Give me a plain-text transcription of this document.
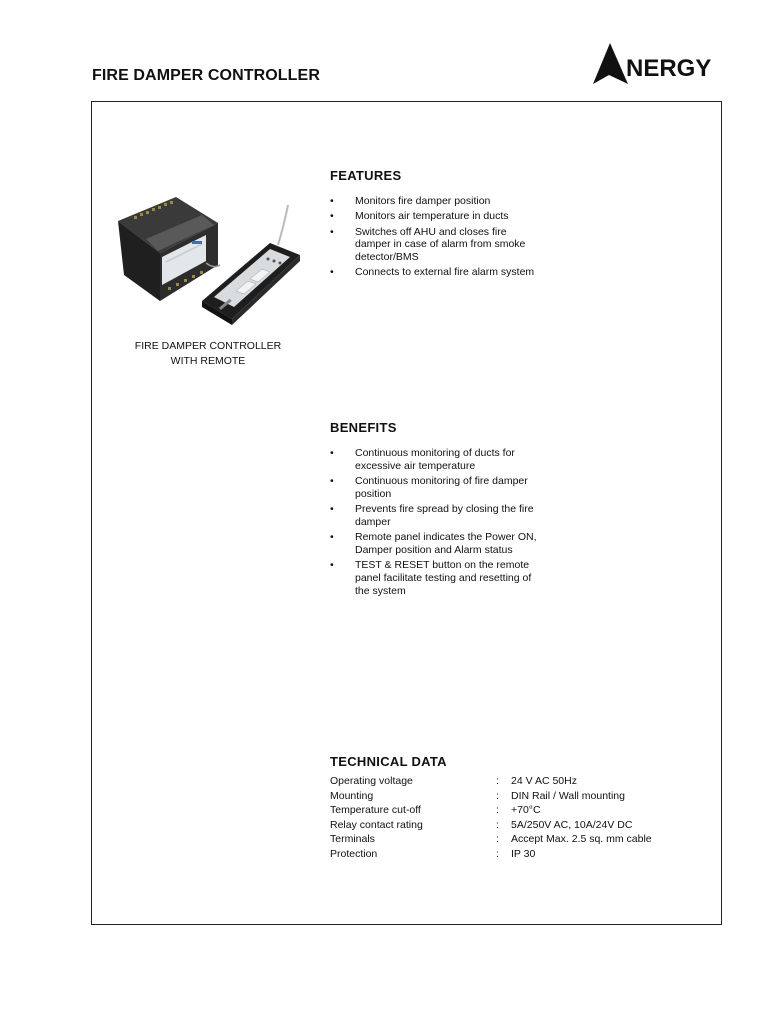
FIRE DAMPER CONTROLLER	NERGY
FIRE DAMPER CONTROLLER
WITH REMOTE
FEATURES
• Monitors fire damper position
• Monitors air temperature in ducts
• Switches off AHU and closes fire damper in case of alarm from smoke detector/BMS
• Connects to external fire alarm system
BENEFITS
• Continuous monitoring of ducts for excessive air temperature
• Continuous monitoring of fire damper position
• Prevents fire spread by closing the fire damper
• Remote panel indicates the Power ON, Damper position and Alarm status
• TEST & RESET button on the remote panel facilitate testing and resetting of the system
TECHNICAL DATA
Operating voltage	:	24 V AC 50Hz
Mounting	:	DIN Rail / Wall mounting
Temperature cut-off	:	+70°C
Relay contact rating	:	5A/250V AC, 10A/24V DC
Terminals	:	Accept Max. 2.5 sq. mm cable
Protection	:	IP 30
